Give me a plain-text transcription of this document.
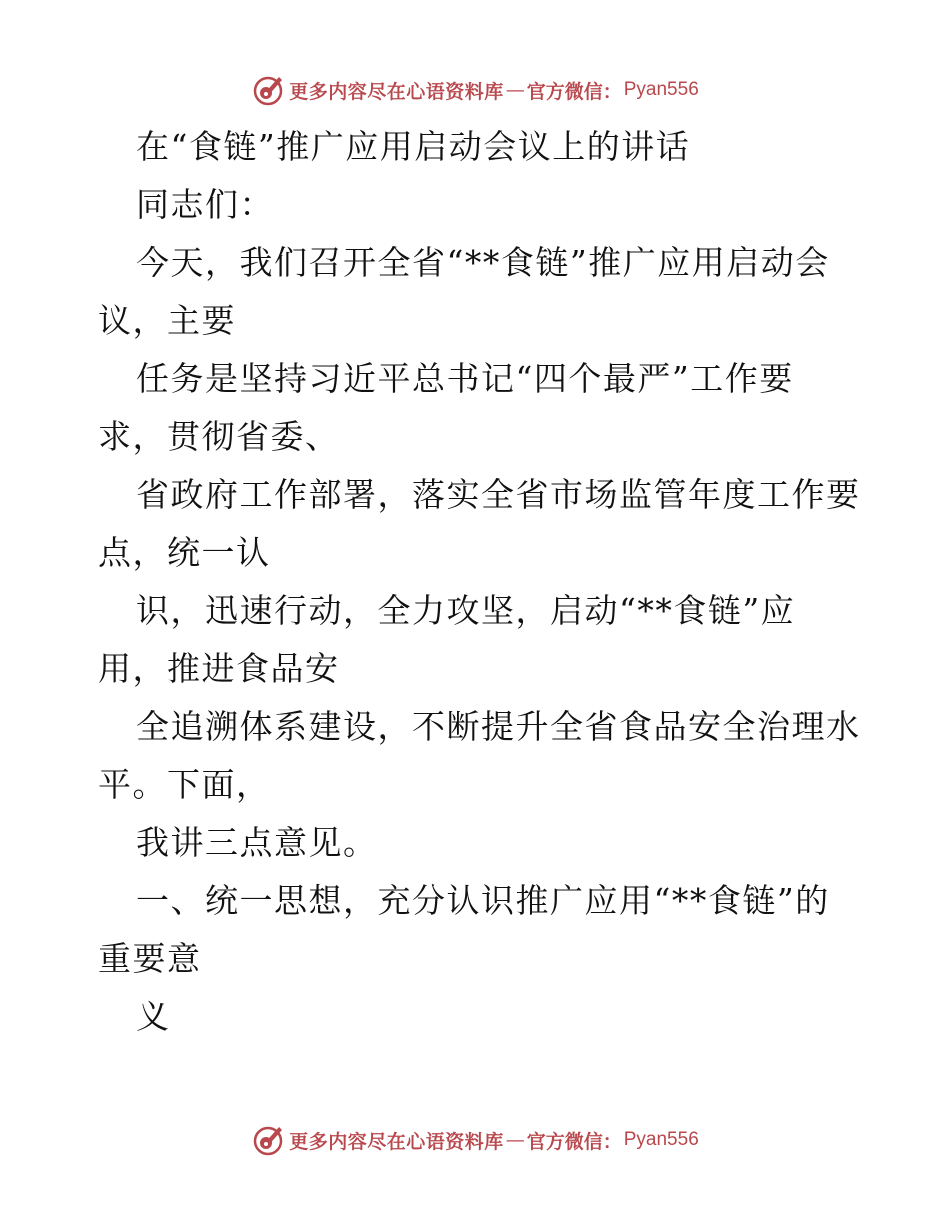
更多内容尽在心语资料库 — 官方微信： Pyan556
在“食链”推广应用启动会议上的讲话
同志们：
今天，我们召开全省“**食链”推广应用启动会
议，主要
任务是坚持习近平总书记“四个最严”工作要
求，贯彻省委、
省政府工作部署，落实全省市场监管年度工作要
点，统一认
识，迅速行动，全力攻坚，启动“**食链”应
用，推进食品安
全追溯体系建设，不断提升全省食品安全治理水
平。下面，
我讲三点意见。
一、统一思想，充分认识推广应用“**食链”的
重要意
义
更多内容尽在心语资料库 — 官方微信： Pyan556
